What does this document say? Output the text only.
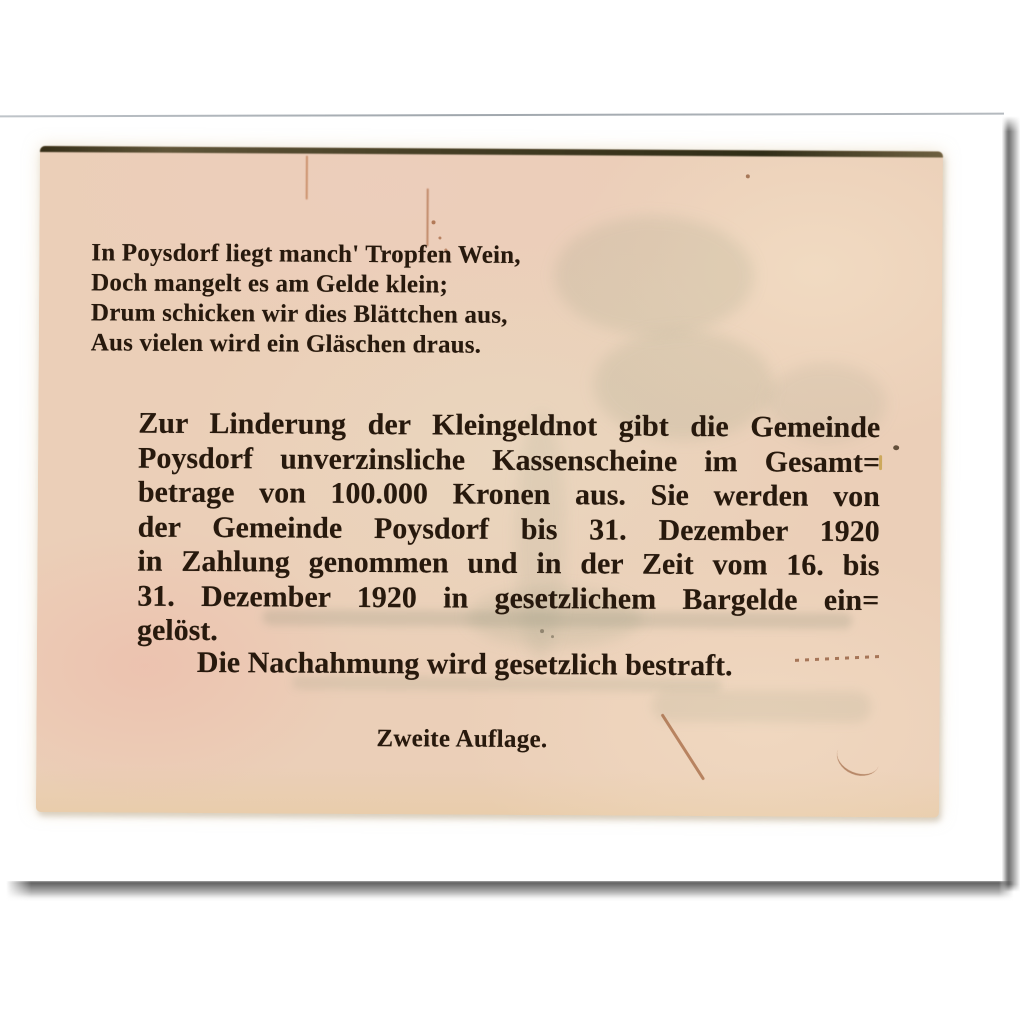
In Poysdorf liegt manch' Tropfen Wein,
Doch mangelt es am Gelde klein;
Drum schicken wir dies Blättchen aus,
Aus vielen wird ein Gläschen draus.
Zur Linderung der Kleingeldnot gibt die Gemeinde
Poysdorf unverzinsliche Kassenscheine im Gesamt=
betrage von 100.000 Kronen aus. Sie werden von
der Gemeinde Poysdorf bis 31. Dezember 1920
in Zahlung genommen und in der Zeit vom 16. bis
31. Dezember 1920 in gesetzlichem Bargelde ein=
gelöst.
Die Nachahmung wird gesetzlich bestraft.
Zweite Auflage.
